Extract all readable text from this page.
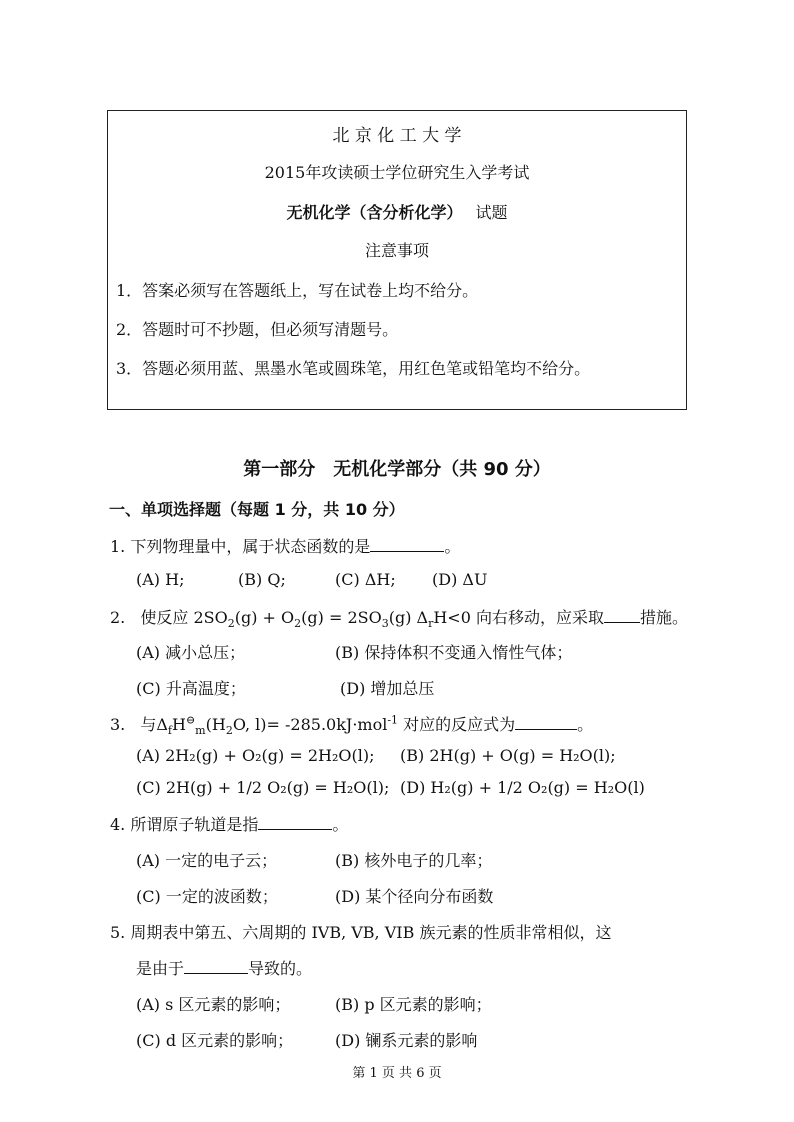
北 京 化 工 大 学
2015年攻读硕士学位研究生入学考试
无机化学（含分析化学） 试题
注意事项
1．答案必须写在答题纸上，写在试卷上均不给分。
2．答题时可不抄题，但必须写清题号。
3．答题必须用蓝、黑墨水笔或圆珠笔，用红色笔或铅笔均不给分。
第一部分　无机化学部分（共 90 分）
一、单项选择题（每题 1 分，共 10 分）
1. 下列物理量中，属于状态函数的是	。
(A) H;	(B) Q;	(C) ΔH; (D) ΔU
2. 使反应 $2SO_2(g) + O_2(g) = 2SO_3(g)$ $\Delta_rH<0$ 向右移动，应采取 措施。
(A) 减小总压；	(B) 保持体积不变通入惰性气体；
(C) 升高温度；	(D) 增加总压
3. 与$\Delta_fH^⊖_m(H_2O$, l)= -285.0kJ·mol$^{-1}$ 对应的反应式为	。
(A) 2H₂(g) + O₂(g) = 2H₂O(l); (B) 2H(g) + O(g) = H₂O(l);
(C) 2H(g) + 1/2 O₂(g) = H₂O(l); (D) H₂(g) + 1/2 O₂(g) = H₂O(l)
4. 所谓原子轨道是指	。
(A) 一定的电子云；	(B) 核外电子的几率；
(C) 一定的波函数；	(D) 某个径向分布函数
5. 周期表中第五、六周期的 IVB, VB, VIB 族元素的性质非常相似，这
是由于	导致的。
(A) s 区元素的影响；	(B) p 区元素的影响；
(C) d 区元素的影响；	(D) 镧系元素的影响
第 1 页 共 6 页
